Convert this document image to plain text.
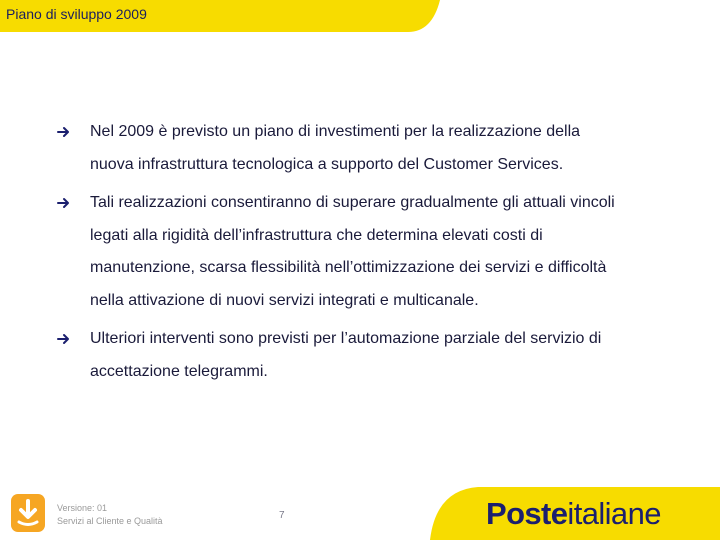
Piano di sviluppo 2009
Nel 2009 è previsto un piano di investimenti per la realizzazione della
nuova infrastruttura tecnologica a supporto del Customer Services.
Tali realizzazioni consentiranno di superare gradualmente gli attuali vincoli
legati alla rigidità dell’infrastruttura che determina elevati costi di
manutenzione, scarsa flessibilità nell’ottimizzazione dei servizi e difficoltà
nella attivazione di nuovi servizi integrati e multicanale.
Ulteriori interventi sono previsti per l’automazione parziale del servizio di
accettazione telegrammi.
Versione: 01
Servizi al Cliente e Qualità	7	Posteitaliane
